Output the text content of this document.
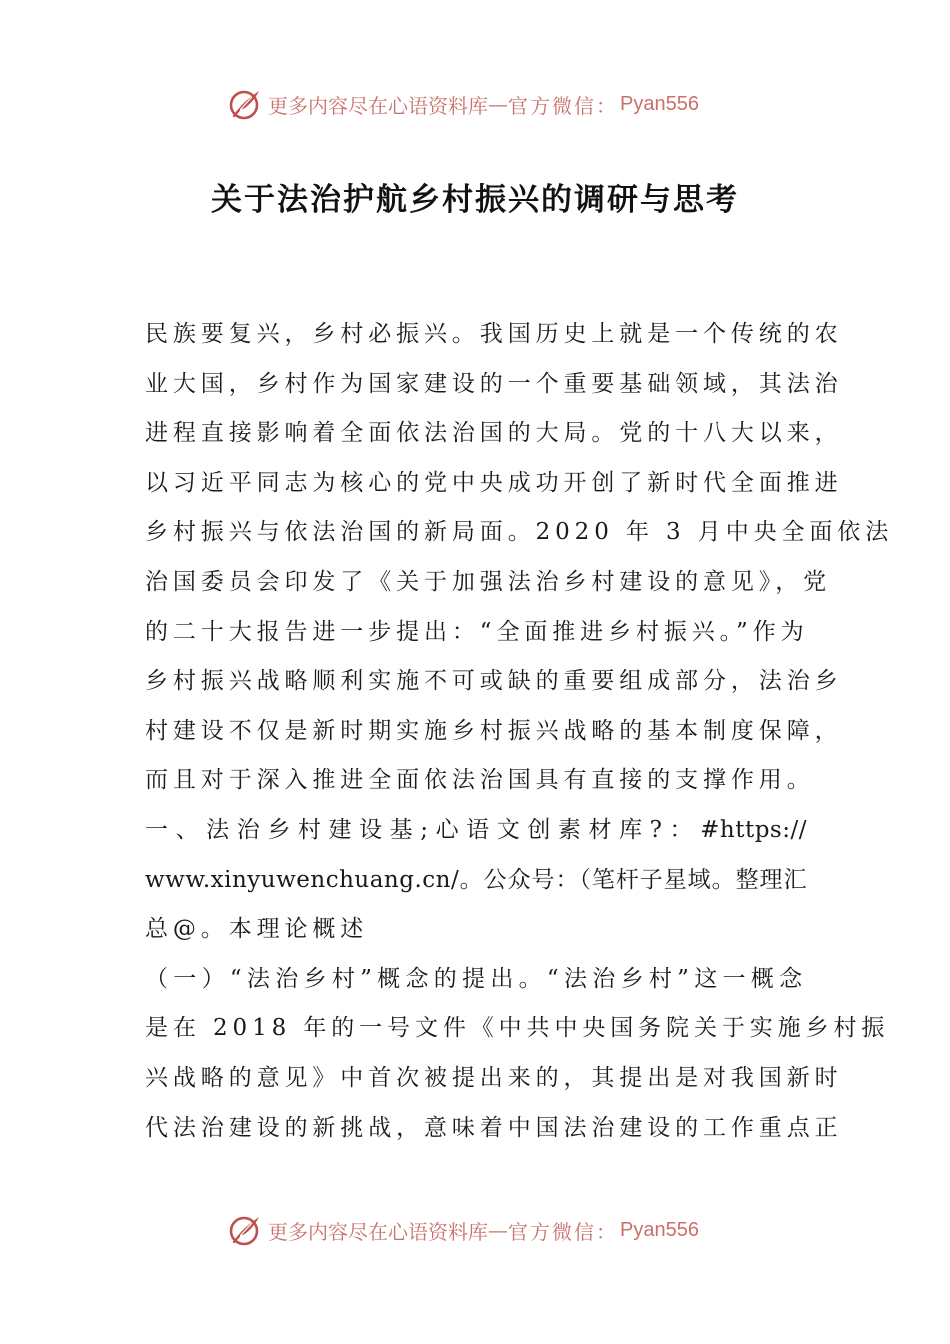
更多内容尽在心语资料库 — 官方微信： Pyan556
关于法治护航乡村振兴的调研与思考
民族要复兴，乡村必振兴。我国历史上就是一个传统的农
业大国，乡村作为国家建设的一个重要基础领域，其法治
进程直接影响着全面依法治国的大局。党的十八大以来，
以习近平同志为核心的党中央成功开创了新时代全面推进
乡村振兴与依法治国的新局面。2020 年 3 月中央全面依法
治国委员会印发了《关于加强法治乡村建设的意见》，党
的二十大报告进一步提出：“全面推进乡村振兴。”作为
乡村振兴战略顺利实施不可或缺的重要组成部分，法治乡
村建设不仅是新时期实施乡村振兴战略的基本制度保障，
而且对于深入推进全面依法治国具有直接的支撑作用。
一、法治乡村建设基;心语文创素材库?：#https://
www.xinyuwenchuang.cn/。公众号：（笔杆子星域。整理汇
总@。本理论概述
（一）“法治乡村”概念的提出。“法治乡村”这一概念
是在 2018 年的一号文件《中共中央国务院关于实施乡村振
兴战略的意见》中首次被提出来的，其提出是对我国新时
代法治建设的新挑战，意味着中国法治建设的工作重点正
更多内容尽在心语资料库 — 官方微信： Pyan556
